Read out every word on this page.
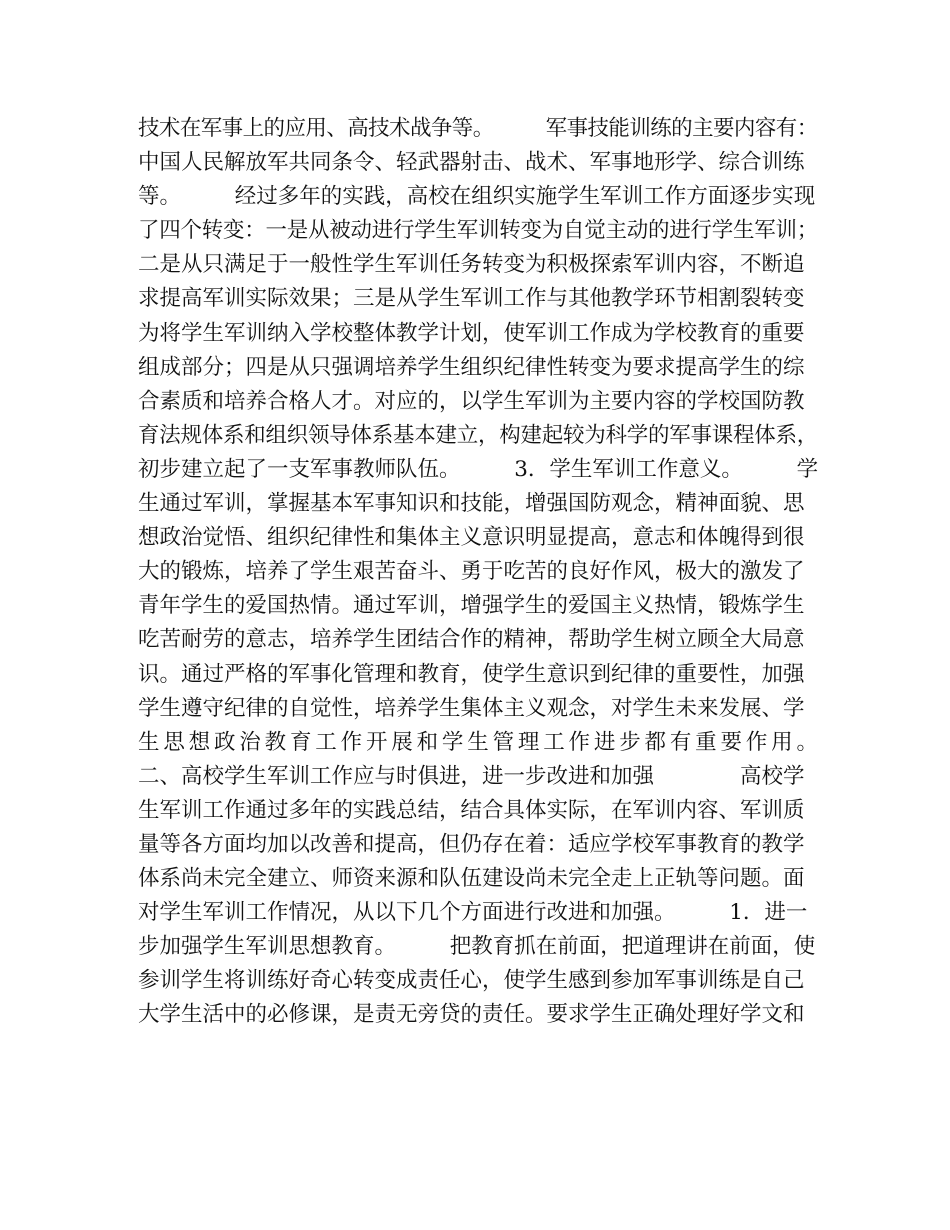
技术在军事上的应用、高技术战争等。　　　军事技能训练的主要内容有：
中国人民解放军共同条令、轻武器射击、战术、军事地形学、综合训练
等。　　　经过多年的实践，高校在组织实施学生军训工作方面逐步实现
了四个转变：一是从被动进行学生军训转变为自觉主动的进行学生军训；
二是从只满足于一般性学生军训任务转变为积极探索军训内容，不断追
求提高军训实际效果；三是从学生军训工作与其他教学环节相割裂转变
为将学生军训纳入学校整体教学计划，使军训工作成为学校教育的重要
组成部分；四是从只强调培养学生组织纪律性转变为要求提高学生的综
合素质和培养合格人才。对应的，以学生军训为主要内容的学校国防教
育法规体系和组织领导体系基本建立，构建起较为科学的军事课程体系，
初步建立起了一支军事教师队伍。　　　3．学生军训工作意义。　　　学
生通过军训，掌握基本军事知识和技能，增强国防观念，精神面貌、思
想政治觉悟、组织纪律性和集体主义意识明显提高，意志和体魄得到很
大的锻炼，培养了学生艰苦奋斗、勇于吃苦的良好作风，极大的激发了
青年学生的爱国热情。通过军训，增强学生的爱国主义热情，锻炼学生
吃苦耐劳的意志，培养学生团结合作的精神，帮助学生树立顾全大局意
识。通过严格的军事化管理和教育，使学生意识到纪律的重要性，加强
学生遵守纪律的自觉性，培养学生集体主义观念，对学生未来发展、学
生思想政治教育工作开展和学生管理工作进步都有重要作用。
二、高校学生军训工作应与时俱进，进一步改进和加强　　　　高校学
生军训工作通过多年的实践总结，结合具体实际，在军训内容、军训质
量等各方面均加以改善和提高，但仍存在着：适应学校军事教育的教学
体系尚未完全建立、师资来源和队伍建设尚未完全走上正轨等问题。面
对学生军训工作情况，从以下几个方面进行改进和加强。　　　1．进一
步加强学生军训思想教育。　　　把教育抓在前面，把道理讲在前面，使
参训学生将训练好奇心转变成责任心，使学生感到参加军事训练是自己
大学生活中的必修课，是责无旁贷的责任。要求学生正确处理好学文和
